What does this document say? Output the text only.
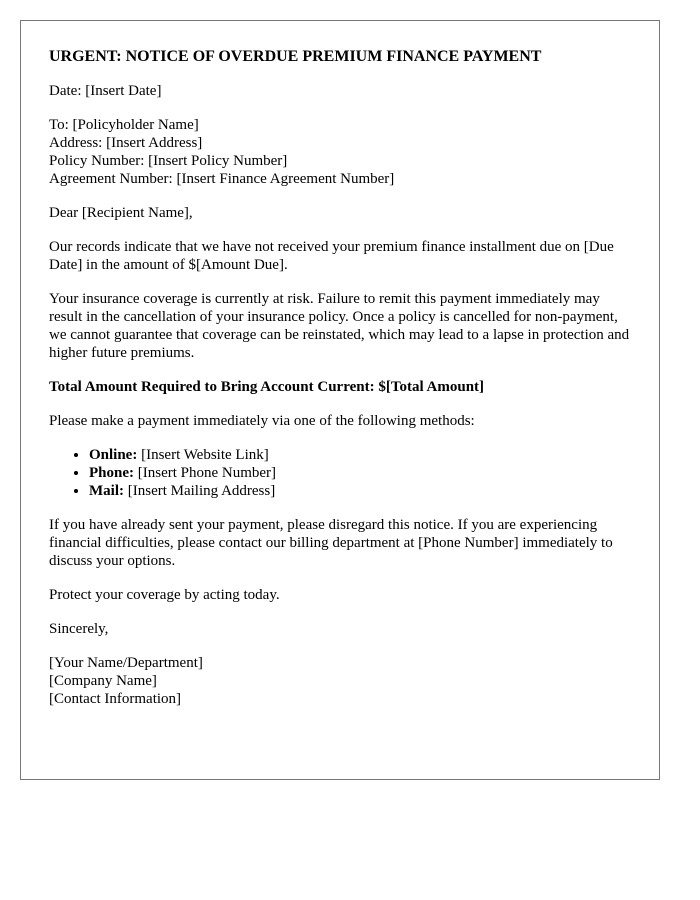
URGENT: NOTICE OF OVERDUE PREMIUM FINANCE PAYMENT

Date: [Insert Date]

To: [Policyholder Name]
Address: [Insert Address]
Policy Number: [Insert Policy Number]
Agreement Number: [Insert Finance Agreement Number]

Dear [Recipient Name],

Our records indicate that we have not received your premium finance installment due on [Due Date] in the amount of $[Amount Due].

Your insurance coverage is currently at risk. Failure to remit this payment immediately may result in the cancellation of your insurance policy. Once a policy is cancelled for non-payment, we cannot guarantee that coverage can be reinstated, which may lead to a lapse in protection and higher future premiums.

Total Amount Required to Bring Account Current: $[Total Amount]

Please make a payment immediately via one of the following methods:

• Online: [Insert Website Link]
• Phone: [Insert Phone Number]
• Mail: [Insert Mailing Address]

If you have already sent your payment, please disregard this notice. If you are experiencing financial difficulties, please contact our billing department at [Phone Number] immediately to discuss your options.

Protect your coverage by acting today.

Sincerely,

[Your Name/Department]
[Company Name]
[Contact Information]
